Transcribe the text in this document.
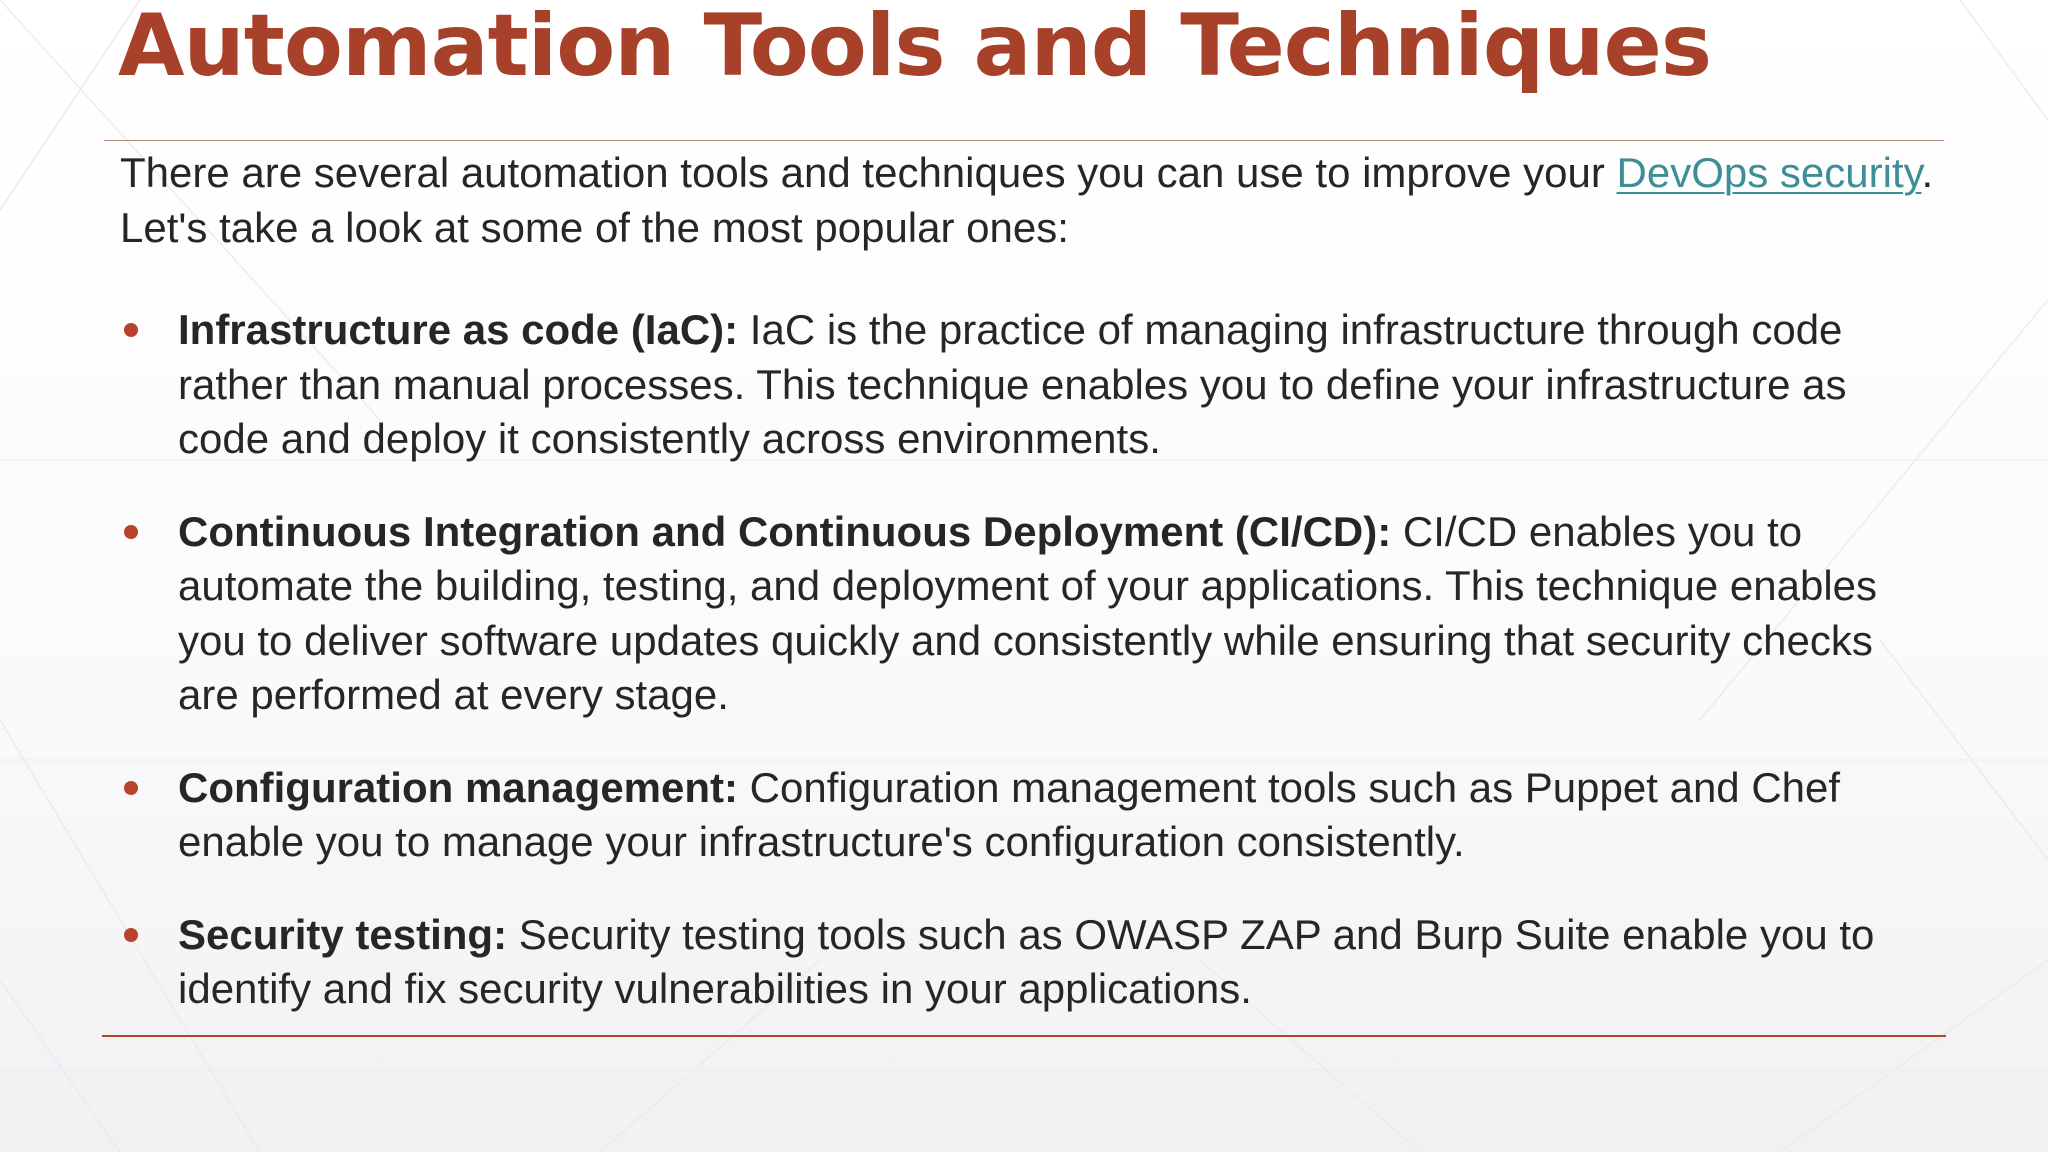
Automation Tools and Techniques

There are several automation tools and techniques you can use to improve your DevOps security. Let's take a look at some of the most popular ones:

Infrastructure as code (IaC): IaC is the practice of managing infrastructure through code rather than manual processes. This technique enables you to define your infrastructure as code and deploy it consistently across environments.
Continuous Integration and Continuous Deployment (CI/CD): CI/CD enables you to automate the building, testing, and deployment of your applications. This technique enables you to deliver software updates quickly and consistently while ensuring that security checks are performed at every stage.
Configuration management: Configuration management tools such as Puppet and Chef enable you to manage your infrastructure's configuration consistently.
Security testing: Security testing tools such as OWASP ZAP and Burp Suite enable you to identify and fix security vulnerabilities in your applications.
